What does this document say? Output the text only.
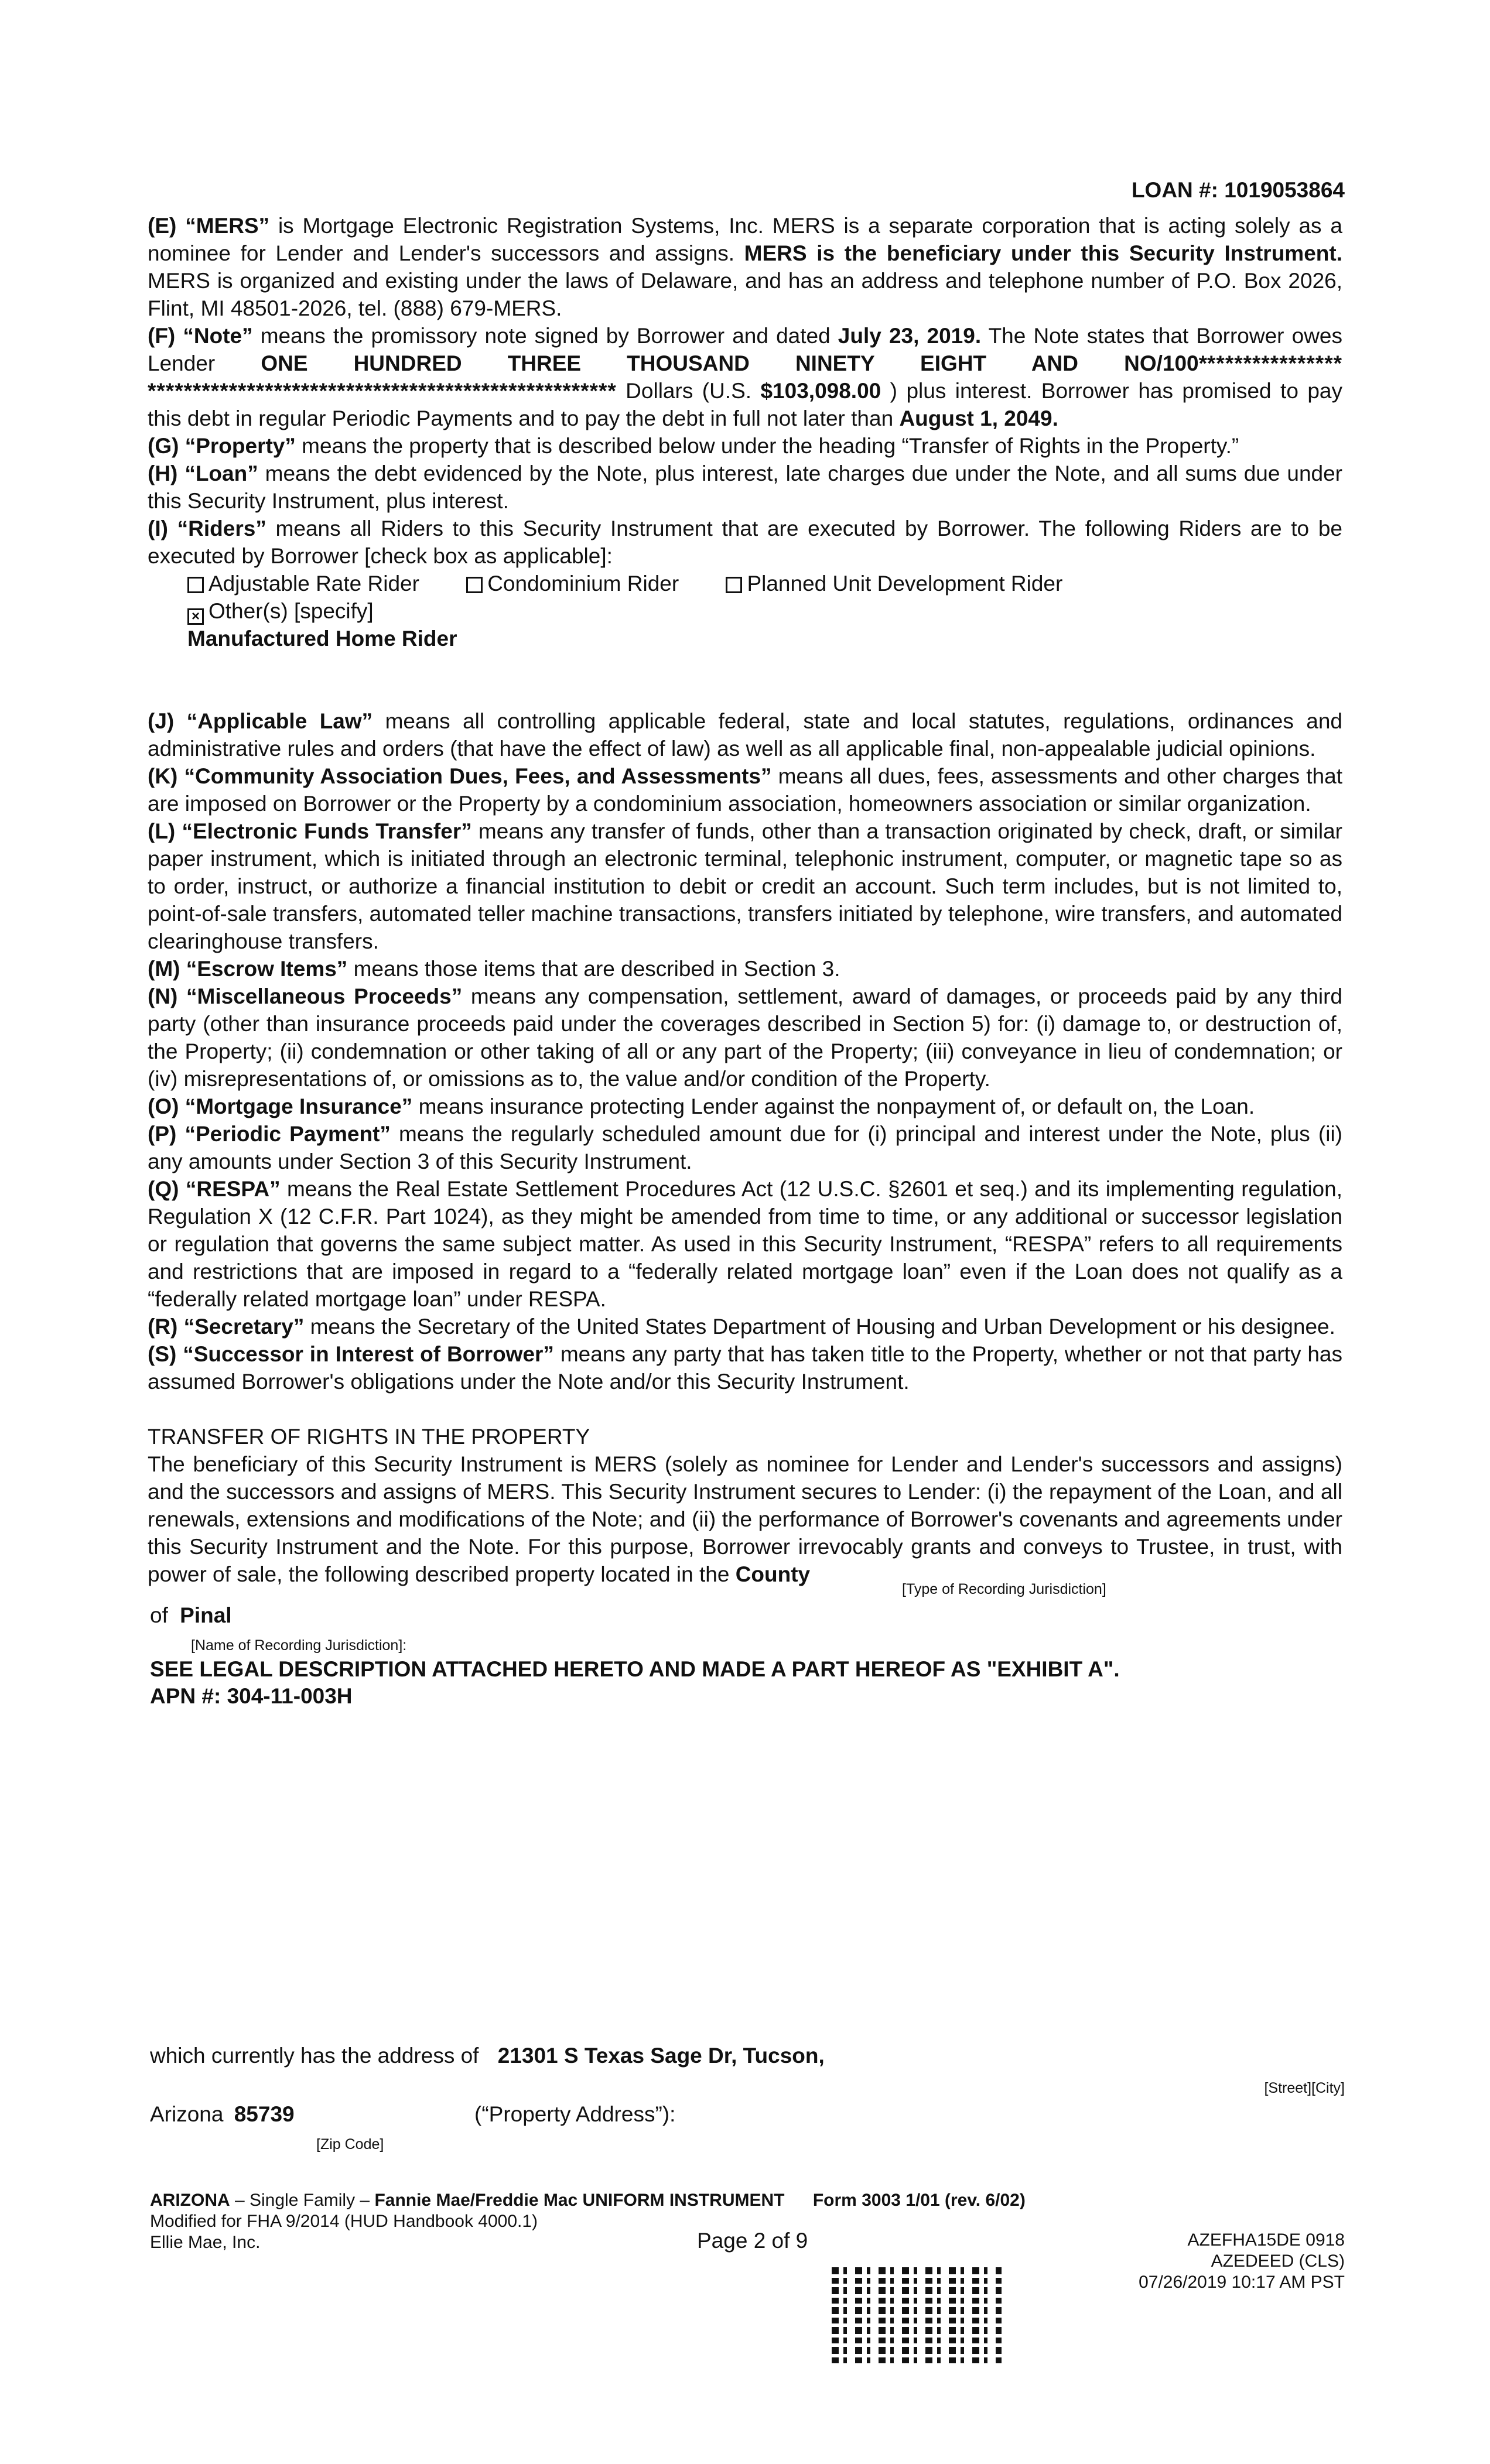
LOAN #: 1019053864

(E) “MERS” is Mortgage Electronic Registration Systems, Inc. MERS is a separate corporation that is acting solely as a nominee for Lender and Lender's successors and assigns. MERS is the beneficiary under this Security Instrument. MERS is organized and existing under the laws of Delaware, and has an address and telephone number of P.O. Box 2026, Flint, MI 48501-2026, tel. (888) 679-MERS.

(F) “Note” means the promissory note signed by Borrower and dated July 23, 2019. The Note states that Borrower owes Lender ONE HUNDRED THREE THOUSAND NINETY EIGHT AND NO/100**************** **************************************************** Dollars (U.S. $103,098.00 ) plus interest. Borrower has promised to pay this debt in regular Periodic Payments and to pay the debt in full not later than August 1, 2049.

(G) “Property” means the property that is described below under the heading “Transfer of Rights in the Property.”

(H) “Loan” means the debt evidenced by the Note, plus interest, late charges due under the Note, and all sums due under this Security Instrument, plus interest.

(I) “Riders” means all Riders to this Security Instrument that are executed by Borrower. The following Riders are to be executed by Borrower [check box as applicable]:

Adjustable Rate Rider	Condominium Rider	Planned Unit Development Rider

× Other(s) [specify]

Manufactured Home Rider

(J) “Applicable Law” means all controlling applicable federal, state and local statutes, regulations, ordinances and administrative rules and orders (that have the effect of law) as well as all applicable final, non-appealable judicial opinions.

(K) “Community Association Dues, Fees, and Assessments” means all dues, fees, assessments and other charges that are imposed on Borrower or the Property by a condominium association, homeowners association or similar organization.

(L) “Electronic Funds Transfer” means any transfer of funds, other than a transaction originated by check, draft, or similar paper instrument, which is initiated through an electronic terminal, telephonic instrument, computer, or magnetic tape so as to order, instruct, or authorize a financial institution to debit or credit an account. Such term includes, but is not limited to, point-of-sale transfers, automated teller machine transactions, transfers initiated by telephone, wire transfers, and automated clearinghouse transfers.

(M) “Escrow Items” means those items that are described in Section 3.

(N) “Miscellaneous Proceeds” means any compensation, settlement, award of damages, or proceeds paid by any third party (other than insurance proceeds paid under the coverages described in Section 5) for: (i) damage to, or destruction of, the Property; (ii) condemnation or other taking of all or any part of the Property; (iii) conveyance in lieu of condemnation; or (iv) misrepresentations of, or omissions as to, the value and/or condition of the Property.

(O) “Mortgage Insurance” means insurance protecting Lender against the nonpayment of, or default on, the Loan.

(P) “Periodic Payment” means the regularly scheduled amount due for (i) principal and interest under the Note, plus (ii) any amounts under Section 3 of this Security Instrument.

(Q) “RESPA” means the Real Estate Settlement Procedures Act (12 U.S.C. §2601 et seq.) and its implementing regulation, Regulation X (12 C.F.R. Part 1024), as they might be amended from time to time, or any additional or successor legislation or regulation that governs the same subject matter. As used in this Security Instrument, “RESPA” refers to all requirements and restrictions that are imposed in regard to a “federally related mortgage loan” even if the Loan does not qualify as a “federally related mortgage loan” under RESPA.

(R) “Secretary” means the Secretary of the United States Department of Housing and Urban Development or his designee.

(S) “Successor in Interest of Borrower” means any party that has taken title to the Property, whether or not that party has assumed Borrower's obligations under the Note and/or this Security Instrument.

TRANSFER OF RIGHTS IN THE PROPERTY

The beneficiary of this Security Instrument is MERS (solely as nominee for Lender and Lender's successors and assigns) and the successors and assigns of MERS. This Security Instrument secures to Lender: (i) the repayment of the Loan, and all renewals, extensions and modifications of the Note; and (ii) the performance of Borrower's covenants and agreements under this Security Instrument and the Note. For this purpose, Borrower irrevocably grants and conveys to Trustee, in trust, with power of sale, the following described property located in the County

[Type of Recording Jurisdiction]
of Pinal
[Name of Recording Jurisdiction]:
SEE LEGAL DESCRIPTION ATTACHED HERETO AND MADE A PART HEREOF AS "EXHIBIT A".
APN #: 304-11-003H
which currently has the address of 21301 S Texas Sage Dr, Tucson,
[Street][City]
Arizona 85739	(“Property Address”):
[Zip Code]
ARIZONA – Single Family – Fannie Mae/Freddie Mac UNIFORM INSTRUMENT Form 3003 1/01 (rev. 6/02)
Modified for FHA 9/2014 (HUD Handbook 4000.1)
Ellie Mae, Inc.	Page 2 of 9	AZEFHA15DE 0918
AZEDEED (CLS)
07/26/2019 10:17 AM PST
